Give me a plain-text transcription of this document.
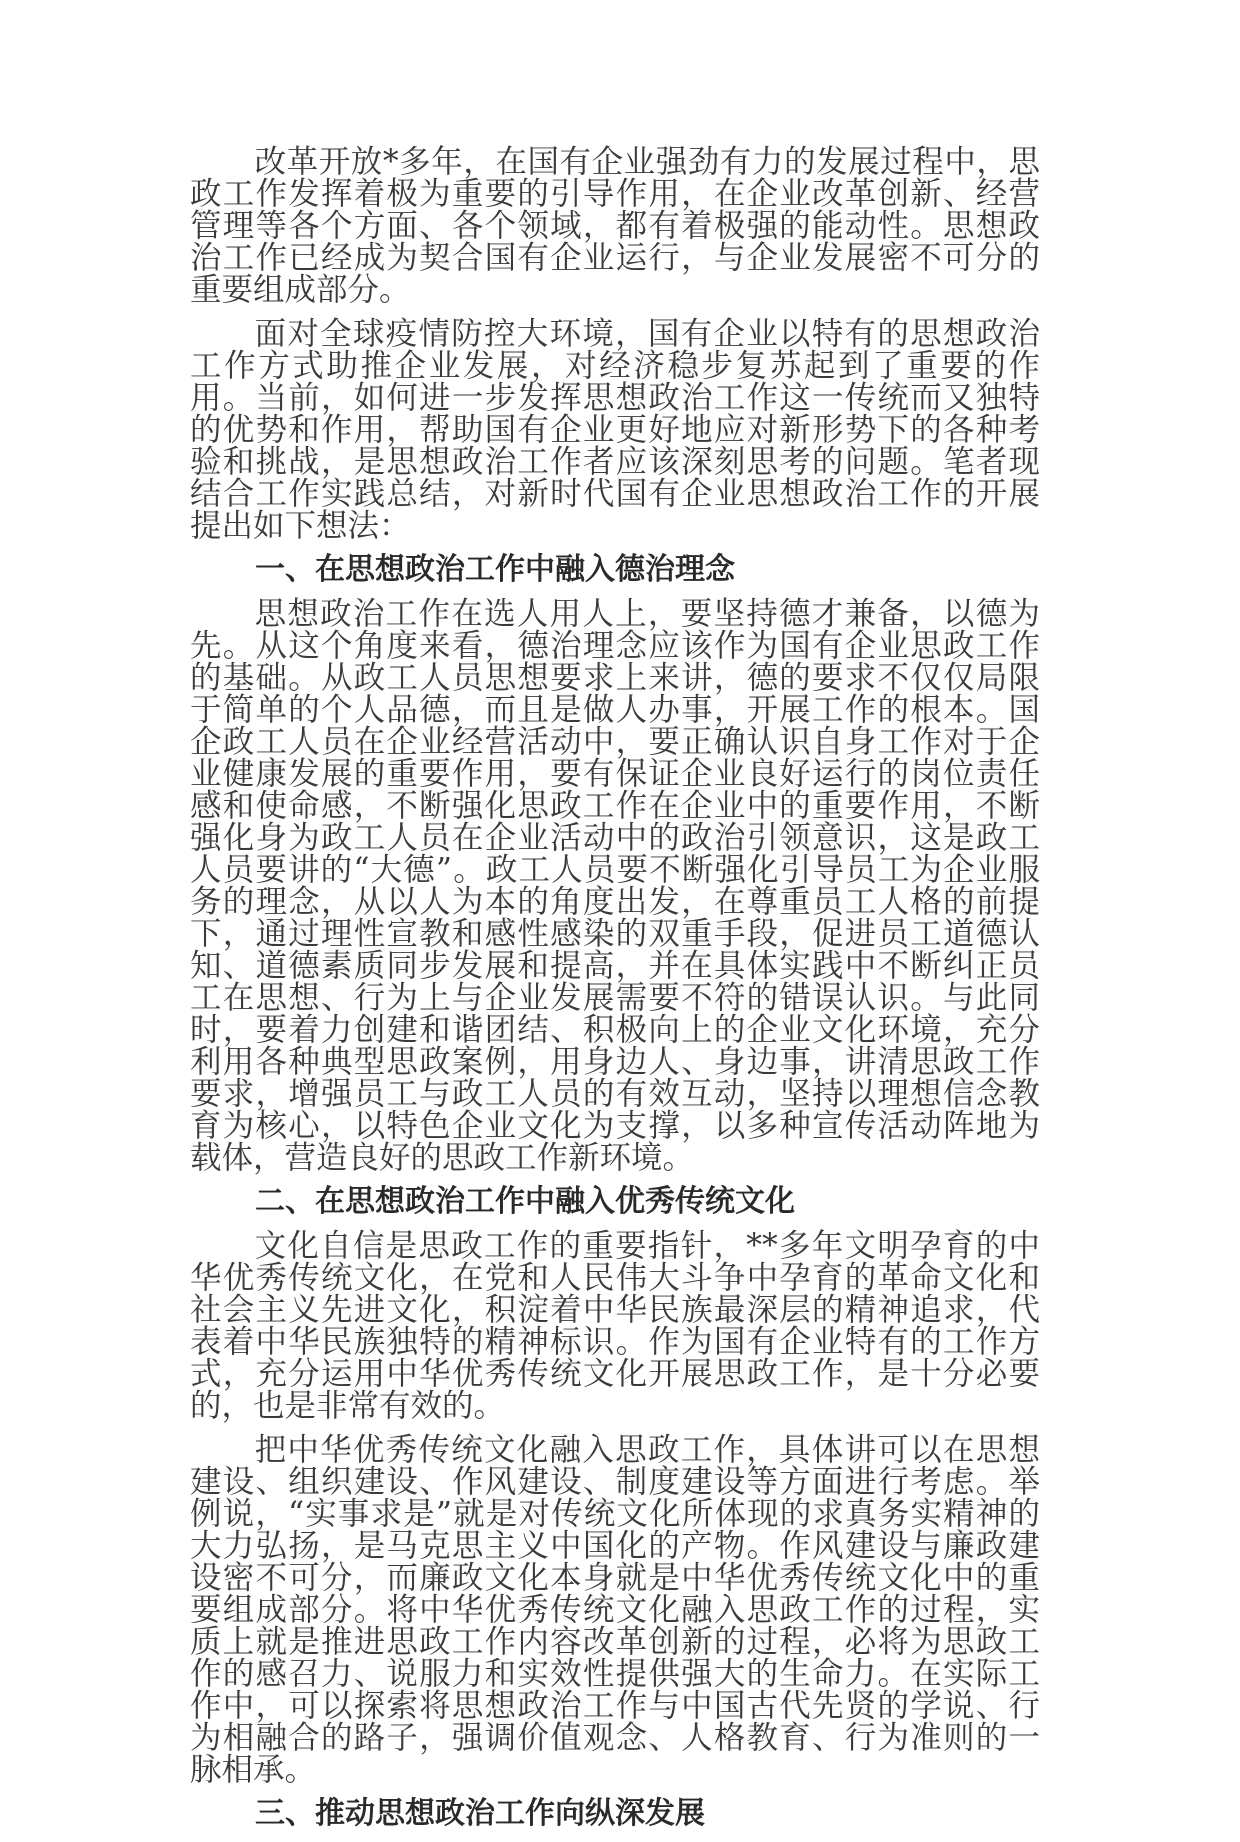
改革开放*多年，在国有企业强劲有力的发展过程中，思政工作发挥着极为重要的引导作用，在企业改革创新、经营管理等各个方面、各个领域，都有着极强的能动性。思想政治工作已经成为契合国有企业运行，与企业发展密不可分的重要组成部分。

面对全球疫情防控大环境，国有企业以特有的思想政治工作方式助推企业发展，对经济稳步复苏起到了重要的作用。当前，如何进一步发挥思想政治工作这一传统而又独特的优势和作用，帮助国有企业更好地应对新形势下的各种考验和挑战，是思想政治工作者应该深刻思考的问题。笔者现结合工作实践总结，对新时代国有企业思想政治工作的开展提出如下想法：

一、在思想政治工作中融入德治理念

思想政治工作在选人用人上，要坚持德才兼备，以德为先。从这个角度来看，德治理念应该作为国有企业思政工作的基础。从政工人员思想要求上来讲，德的要求不仅仅局限于简单的个人品德，而且是做人办事，开展工作的根本。国企政工人员在企业经营活动中，要正确认识自身工作对于企业健康发展的重要作用，要有保证企业良好运行的岗位责任感和使命感，不断强化思政工作在企业中的重要作用，不断强化身为政工人员在企业活动中的政治引领意识，这是政工人员要讲的“大德”。政工人员要不断强化引导员工为企业服务的理念，从以人为本的角度出发，在尊重员工人格的前提下，通过理性宣教和感性感染的双重手段，促进员工道德认知、道德素质同步发展和提高，并在具体实践中不断纠正员工在思想、行为上与企业发展需要不符的错误认识。与此同时，要着力创建和谐团结、积极向上的企业文化环境，充分利用各种典型思政案例，用身边人、身边事，讲清思政工作要求，增强员工与政工人员的有效互动，坚持以理想信念教育为核心，以特色企业文化为支撑，以多种宣传活动阵地为载体，营造良好的思政工作新环境。

二、在思想政治工作中融入优秀传统文化

文化自信是思政工作的重要指针，**多年文明孕育的中华优秀传统文化，在党和人民伟大斗争中孕育的革命文化和社会主义先进文化，积淀着中华民族最深层的精神追求，代表着中华民族独特的精神标识。作为国有企业特有的工作方式，充分运用中华优秀传统文化开展思政工作，是十分必要的，也是非常有效的。

把中华优秀传统文化融入思政工作，具体讲可以在思想建设、组织建设、作风建设、制度建设等方面进行考虑。举例说，“实事求是”就是对传统文化所体现的求真务实精神的大力弘扬，是马克思主义中国化的产物。作风建设与廉政建设密不可分，而廉政文化本身就是中华优秀传统文化中的重要组成部分。将中华优秀传统文化融入思政工作的过程，实质上就是推进思政工作内容改革创新的过程，必将为思政工作的感召力、说服力和实效性提供强大的生命力。在实际工作中，可以探索将思想政治工作与中国古代先贤的学说、行为相融合的路子，强调价值观念、人格教育、行为准则的一脉相承。

三、推动思想政治工作向纵深发展
